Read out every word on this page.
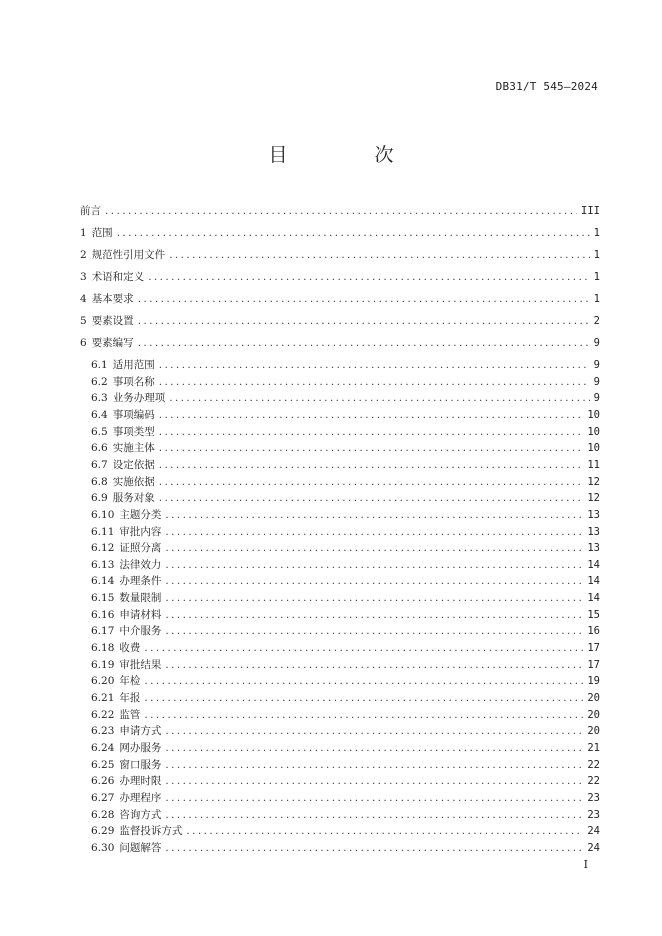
DB31/T 545—2024
目　次
前言 .....	III
1 范围 .....	1
2 规范性引用文件 .....	1
3 术语和定义 .....	1
4 基本要求 .....	1
5 要素设置 .....	2
6 要素编写 .....	9
6.1 适用范围 .....	9
6.2 事项名称 .....	9
6.3 业务办理项 .....	9
6.4 事项编码 .....	10
6.5 事项类型 .....	10
6.6 实施主体 .....	10
6.7 设定依据 .....	11
6.8 实施依据 .....	12
6.9 服务对象 .....	12
6.10 主题分类 .....	13
6.11 审批内容 .....	13
6.12 证照分离 .....	13
6.13 法律效力 .....	14
6.14 办理条件 .....	14
6.15 数量限制 .....	14
6.16 申请材料 .....	15
6.17 中介服务 .....	16
6.18 收费 .....	17
6.19 审批结果 .....	17
6.20 年检 .....	19
6.21 年报 .....	20
6.22 监管 .....	20
6.23 申请方式 .....	20
6.24 网办服务 .....	21
6.25 窗口服务 .....	22
6.26 办理时限 .....	22
6.27 办理程序 .....	23
6.28 咨询方式 .....	23
6.29 监督投诉方式 .....	24
6.30 问题解答 .....	24
I
